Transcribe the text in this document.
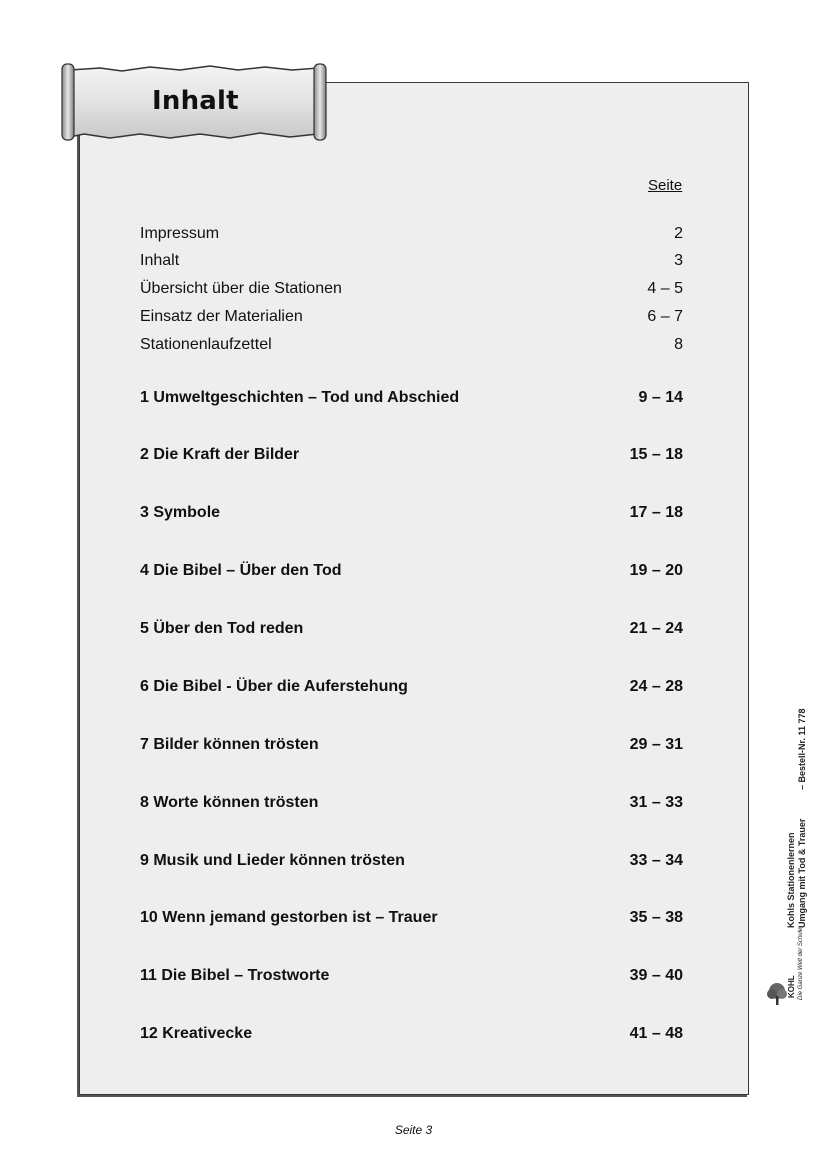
Inhalt
Seite
Impressum	2
Inhalt	3
Übersicht über die Stationen	4 – 5
Einsatz der Materialien	6 – 7
Stationenlaufzettel	8
1 Umweltgeschichten – Tod und Abschied	9 – 14
2 Die Kraft der Bilder	15 – 18
3 Symbole	17 – 18
4 Die Bibel – Über den Tod	19 – 20
5 Über den Tod reden	21 – 24
6 Die Bibel - Über die Auferstehung	24 – 28
7 Bilder können trösten	29 – 31
8 Worte können trösten	31 – 33
9 Musik und Lieder können trösten	33 – 34
10 Wenn jemand gestorben ist – Trauer	35 – 38
11 Die Bibel – Trostworte	39 – 40
12 Kreativecke	41 – 48
KOHL Die Ganze Welt der Schule
Kohls Stationenlernen Umgang mit Tod & Trauer
– Bestell-Nr. 11 778
Seite 3
